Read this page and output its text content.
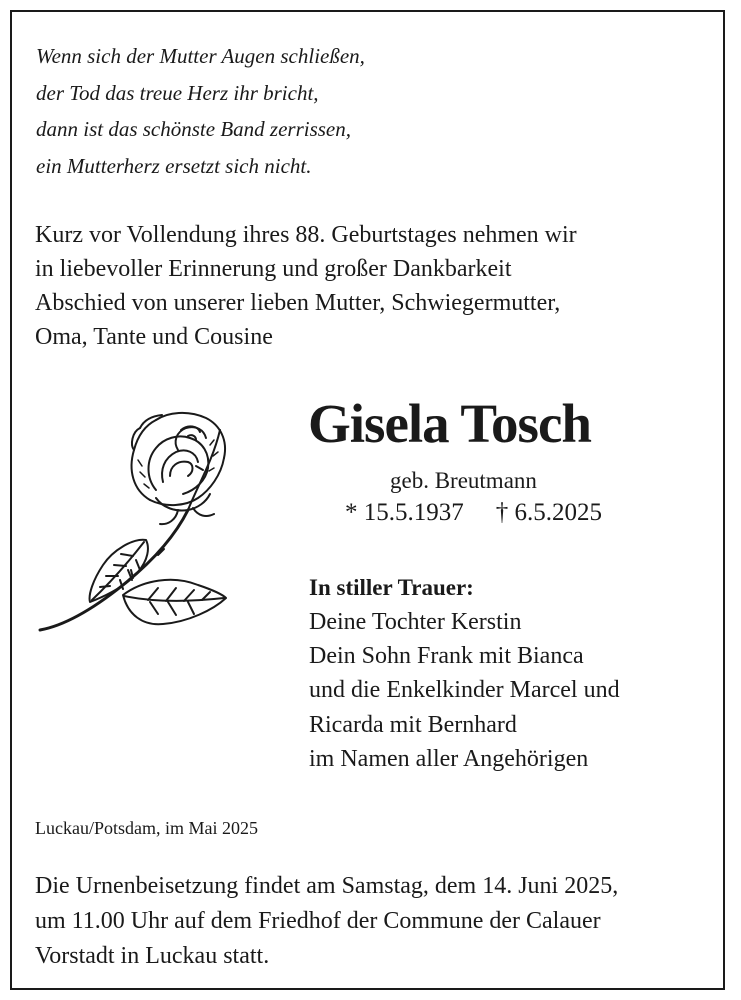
Wenn sich der Mutter Augen schließen,
der Tod das treue Herz ihr bricht,
dann ist das schönste Band zerrissen,
ein Mutterherz ersetzt sich nicht.
Kurz vor Vollendung ihres 88. Geburtstages nehmen wir
in liebevoller Erinnerung und großer Dankbarkeit
Abschied von unserer lieben Mutter, Schwiegermutter,
Oma, Tante und Cousine
Gisela Tosch
geb. Breutmann
* 15.5.1937 † 6.5.2025
In stiller Trauer:
Deine Tochter Kerstin
Dein Sohn Frank mit Bianca
und die Enkelkinder Marcel und
Ricarda mit Bernhard
im Namen aller Angehörigen
Luckau/Potsdam, im Mai 2025
Die Urnenbeisetzung findet am Samstag, dem 14. Juni 2025,
um 11.00 Uhr auf dem Friedhof der Commune der Calauer
Vorstadt in Luckau statt.
